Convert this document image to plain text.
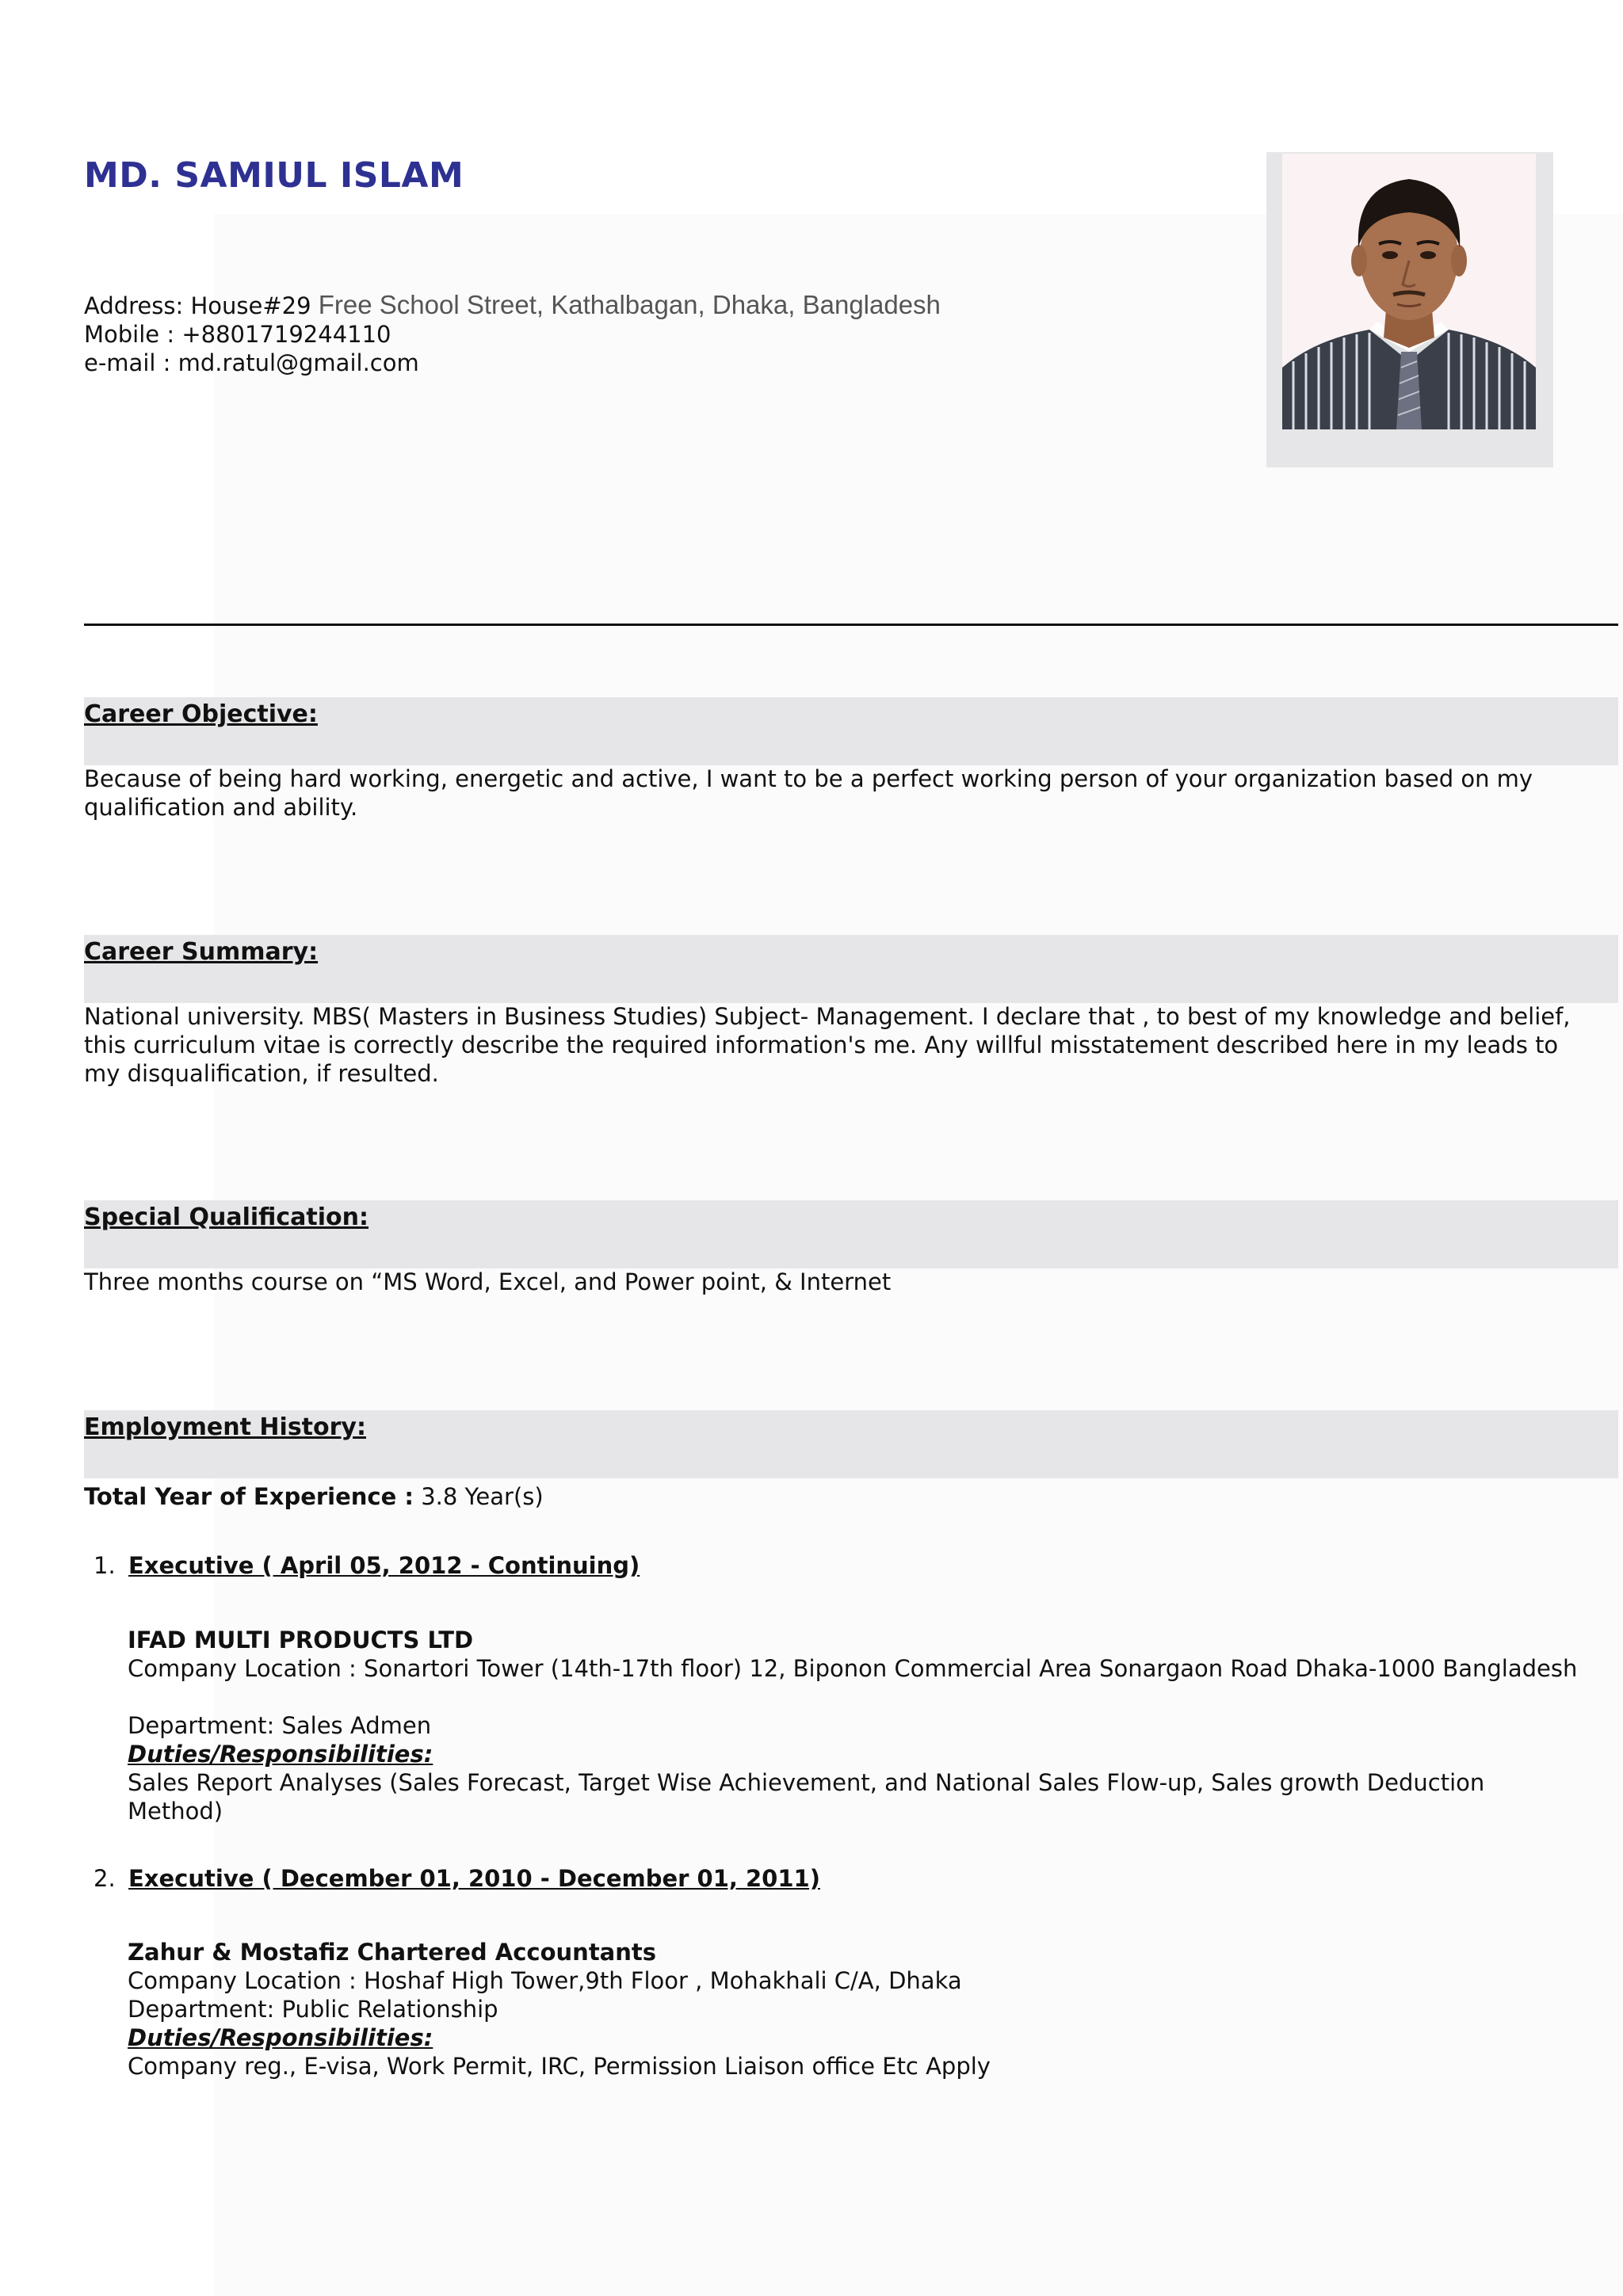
MD. SAMIUL ISLAM
Address: House#29 Free School Street, Kathalbagan, Dhaka, Bangladesh
Mobile : +8801719244110
e-mail : md.ratul@gmail.com
Career Objective:
Because of being hard working, energetic and active, I want to be a perfect working person of your organization based on my
qualification and ability.
Career Summary:
National university. MBS( Masters in Business Studies) Subject- Management. I declare that , to best of my knowledge and belief,
this curriculum vitae is correctly describe the required information's me. Any willful misstatement described here in my leads to
my disqualification, if resulted.
Special Qualification:
Three months course on “MS Word, Excel, and Power point, & Internet
Employment History:
Total Year of Experience : 3.8 Year(s)
1. Executive ( April 05, 2012 - Continuing)
IFAD MULTI PRODUCTS LTD
Company Location : Sonartori Tower (14th-17th floor) 12, Biponon Commercial Area Sonargaon Road Dhaka-1000 Bangladesh
Department: Sales Admen
Duties/Responsibilities:
Sales Report Analyses (Sales Forecast, Target Wise Achievement, and National Sales Flow-up, Sales growth Deduction
Method)
2. Executive ( December 01, 2010 - December 01, 2011)
Zahur & Mostafiz Chartered Accountants
Company Location : Hoshaf High Tower,9th Floor , Mohakhali C/A, Dhaka
Department: Public Relationship
Duties/Responsibilities:
Company reg., E-visa, Work Permit, IRC, Permission Liaison office Etc Apply
